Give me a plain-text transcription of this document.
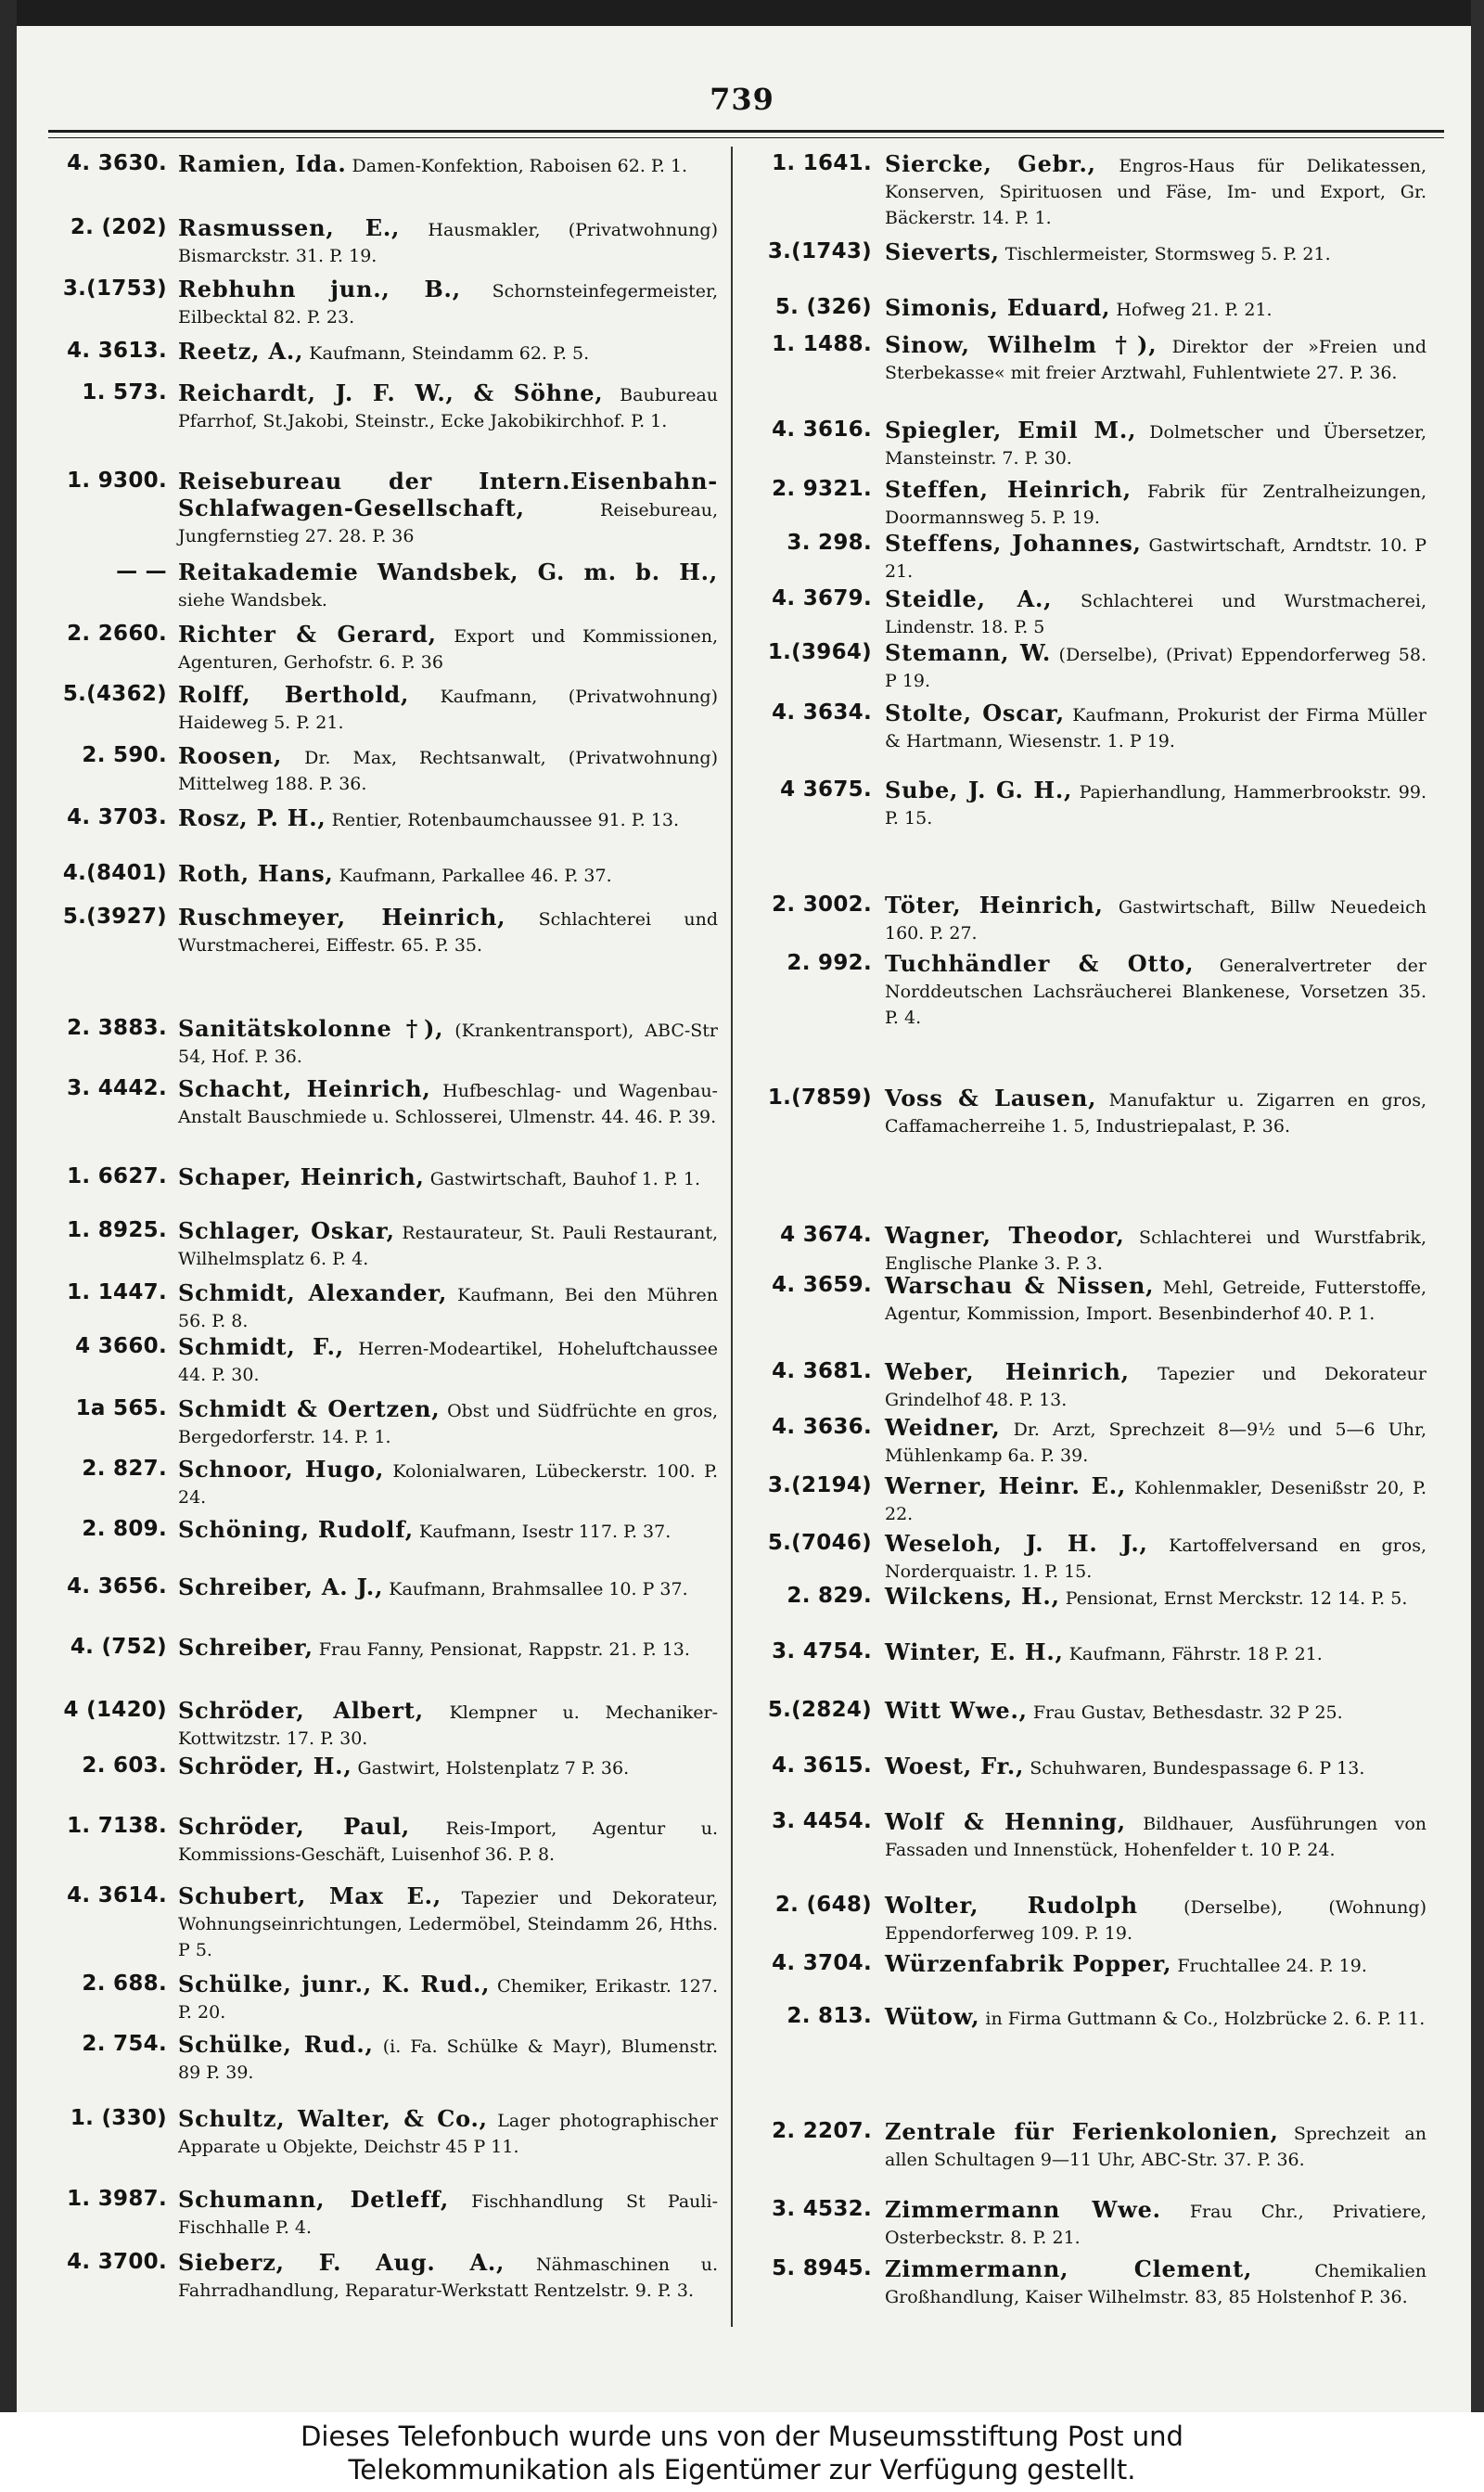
739
4. 3630. Ramien, Ida. Damen-Konfektion, Raboisen 62. P. 1.
2. (202) Rasmussen, E., Hausmakler, (Privatwohnung) Bismarckstr. 31. P. 19.
3.(1753) Rebhuhn jun., B., Schornsteinfegermeister, Eilbecktal 82. P. 23.
4. 3613. Reetz, A., Kaufmann, Steindamm 62. P. 5.
1. 573. Reichardt, J. F. W., & Söhne, Baubureau Pfarrhof, St.Jakobi, Steinstr., Ecke Jakobikirchhof. P. 1.
1. 9300. Reisebureau der Intern.Eisenbahn-Schlafwagen-Gesellschaft, Reisebureau, Jungfernstieg 27. 28. P. 36
— — Reitakademie Wandsbek, G. m. b. H., siehe Wandsbek.
2. 2660. Richter & Gerard, Export und Kommissionen, Agenturen, Gerhofstr. 6. P. 36
5.(4362) Rolff, Berthold, Kaufmann, (Privatwohnung) Haideweg 5. P. 21.
2. 590. Roosen, Dr. Max, Rechtsanwalt, (Privatwohnung) Mittelweg 188. P. 36.
4. 3703. Rosz, P. H., Rentier, Rotenbaumchaussee 91. P. 13.
4.(8401) Roth, Hans, Kaufmann, Parkallee 46. P. 37.
5.(3927) Ruschmeyer, Heinrich, Schlachterei und Wurstmacherei, Eiffestr. 65. P. 35.
2. 3883. Sanitätskolonne †), (Krankentransport), ABC-Str 54, Hof. P. 36.
3. 4442. Schacht, Heinrich, Hufbeschlag- und Wagenbau-Anstalt Bauschmiede u. Schlosserei, Ulmenstr. 44. 46. P. 39.
1. 6627. Schaper, Heinrich, Gastwirtschaft, Bauhof 1. P. 1.
1. 8925. Schlager, Oskar, Restaurateur, St. Pauli Restaurant, Wilhelmsplatz 6. P. 4.
1. 1447. Schmidt, Alexander, Kaufmann, Bei den Mühren 56. P. 8.
4 3660. Schmidt, F., Herren-Modeartikel, Hoheluftchaussee 44. P. 30.
1a 565. Schmidt & Oertzen, Obst und Südfrüchte en gros, Bergedorferstr. 14. P. 1.
2. 827. Schnoor, Hugo, Kolonialwaren, Lübeckerstr. 100. P. 24.
2. 809. Schöning, Rudolf, Kaufmann, Isestr 117. P. 37.
4. 3656. Schreiber, A. J., Kaufmann, Brahmsallee 10. P 37.
4. (752) Schreiber, Frau Fanny, Pensionat, Rappstr. 21. P. 13.
4 (1420) Schröder, Albert, Klempner u. Mechaniker-Kottwitzstr. 17. P. 30.
2. 603. Schröder, H., Gastwirt, Holstenplatz 7 P. 36.
1. 7138. Schröder, Paul, Reis-Import, Agentur u. Kommissions-Geschäft, Luisenhof 36. P. 8.
4. 3614. Schubert, Max E., Tapezier und Dekorateur, Wohnungseinrichtungen, Ledermöbel, Steindamm 26, Hths. P 5.
2. 688. Schülke, junr., K. Rud., Chemiker, Erikastr. 127. P. 20.
2. 754. Schülke, Rud., (i. Fa. Schülke & Mayr), Blumenstr. 89 P. 39.
1. (330) Schultz, Walter, & Co., Lager photographischer Apparate u Objekte, Deichstr 45 P 11.
1. 3987. Schumann, Detleff, Fischhandlung St Pauli-Fischhalle P. 4.
4. 3700. Sieberz, F. Aug. A., Nähmaschinen u. Fahrradhandlung, Reparatur-Werkstatt Rentzelstr. 9. P. 3.
1. 1641. Siercke, Gebr., Engros-Haus für Delikatessen, Konserven, Spirituosen und Fäse, Im- und Export, Gr. Bäckerstr. 14. P. 1.
3.(1743) Sieverts, Tischlermeister, Stormsweg 5. P. 21.
5. (326) Simonis, Eduard, Hofweg 21. P. 21.
1. 1488. Sinow, Wilhelm †), Direktor der »Freien und Sterbekasse« mit freier Arztwahl, Fuhlentwiete 27. P. 36.
4. 3616. Spiegler, Emil M., Dolmetscher und Übersetzer, Mansteinstr. 7. P. 30.
2. 9321. Steffen, Heinrich, Fabrik für Zentralheizungen, Doormannsweg 5. P. 19.
3. 298. Steffens, Johannes, Gastwirtschaft, Arndtstr. 10. P 21.
4. 3679. Steidle, A., Schlachterei und Wurstmacherei, Lindenstr. 18. P. 5
1.(3964) Stemann, W. (Derselbe), (Privat) Eppendorferweg 58. P 19.
4. 3634. Stolte, Oscar, Kaufmann, Prokurist der Firma Müller & Hartmann, Wiesenstr. 1. P 19.
4 3675. Sube, J. G. H., Papierhandlung, Hammerbrookstr. 99. P. 15.
2. 3002. Töter, Heinrich, Gastwirtschaft, Billw Neuedeich 160. P. 27.
2. 992. Tuchhändler & Otto, Generalvertreter der Norddeutschen Lachsräucherei Blankenese, Vorsetzen 35. P. 4.
1.(7859) Voss & Lausen, Manufaktur u. Zigarren en gros, Caffamacherreihe 1. 5, Industriepalast, P. 36.
4 3674. Wagner, Theodor, Schlachterei und Wurstfabrik, Englische Planke 3. P. 3.
4. 3659. Warschau & Nissen, Mehl, Getreide, Futterstoffe, Agentur, Kommission, Import. Besenbinderhof 40. P. 1.
4. 3681. Weber, Heinrich, Tapezier und Dekorateur Grindelhof 48. P. 13.
4. 3636. Weidner, Dr. Arzt, Sprechzeit 8—9½ und 5—6 Uhr, Mühlenkamp 6a. P. 39.
3.(2194) Werner, Heinr. E., Kohlenmakler, Desenißstr 20, P. 22.
5.(7046) Weseloh, J. H. J., Kartoffelversand en gros, Norderquaistr. 1. P. 15.
2. 829. Wilckens, H., Pensionat, Ernst Merckstr. 12 14. P. 5.
3. 4754. Winter, E. H., Kaufmann, Fährstr. 18 P. 21.
5.(2824) Witt Wwe., Frau Gustav, Bethesdastr. 32 P 25.
4. 3615. Woest, Fr., Schuhwaren, Bundespassage 6. P 13.
3. 4454. Wolf & Henning, Bildhauer, Ausführungen von Fassaden und Innenstück, Hohenfelder t. 10 P. 24.
2. (648) Wolter, Rudolph (Derselbe), (Wohnung) Eppendorferweg 109. P. 19.
4. 3704. Würzenfabrik Popper, Fruchtallee 24. P. 19.
2. 813. Wütow, in Firma Guttmann & Co., Holzbrücke 2. 6. P. 11.
2. 2207. Zentrale für Ferienkolonien, Sprechzeit an allen Schultagen 9—11 Uhr, ABC-Str. 37. P. 36.
3. 4532. Zimmermann Wwe. Frau Chr., Privatiere, Osterbeckstr. 8. P. 21.
5. 8945. Zimmermann, Clement, Chemikalien Großhandlung, Kaiser Wilhelmstr. 83, 85 Holstenhof P. 36.
Dieses Telefonbuch wurde uns von der Museumsstiftung Post und
Telekommunikation als Eigentümer zur Verfügung gestellt.
